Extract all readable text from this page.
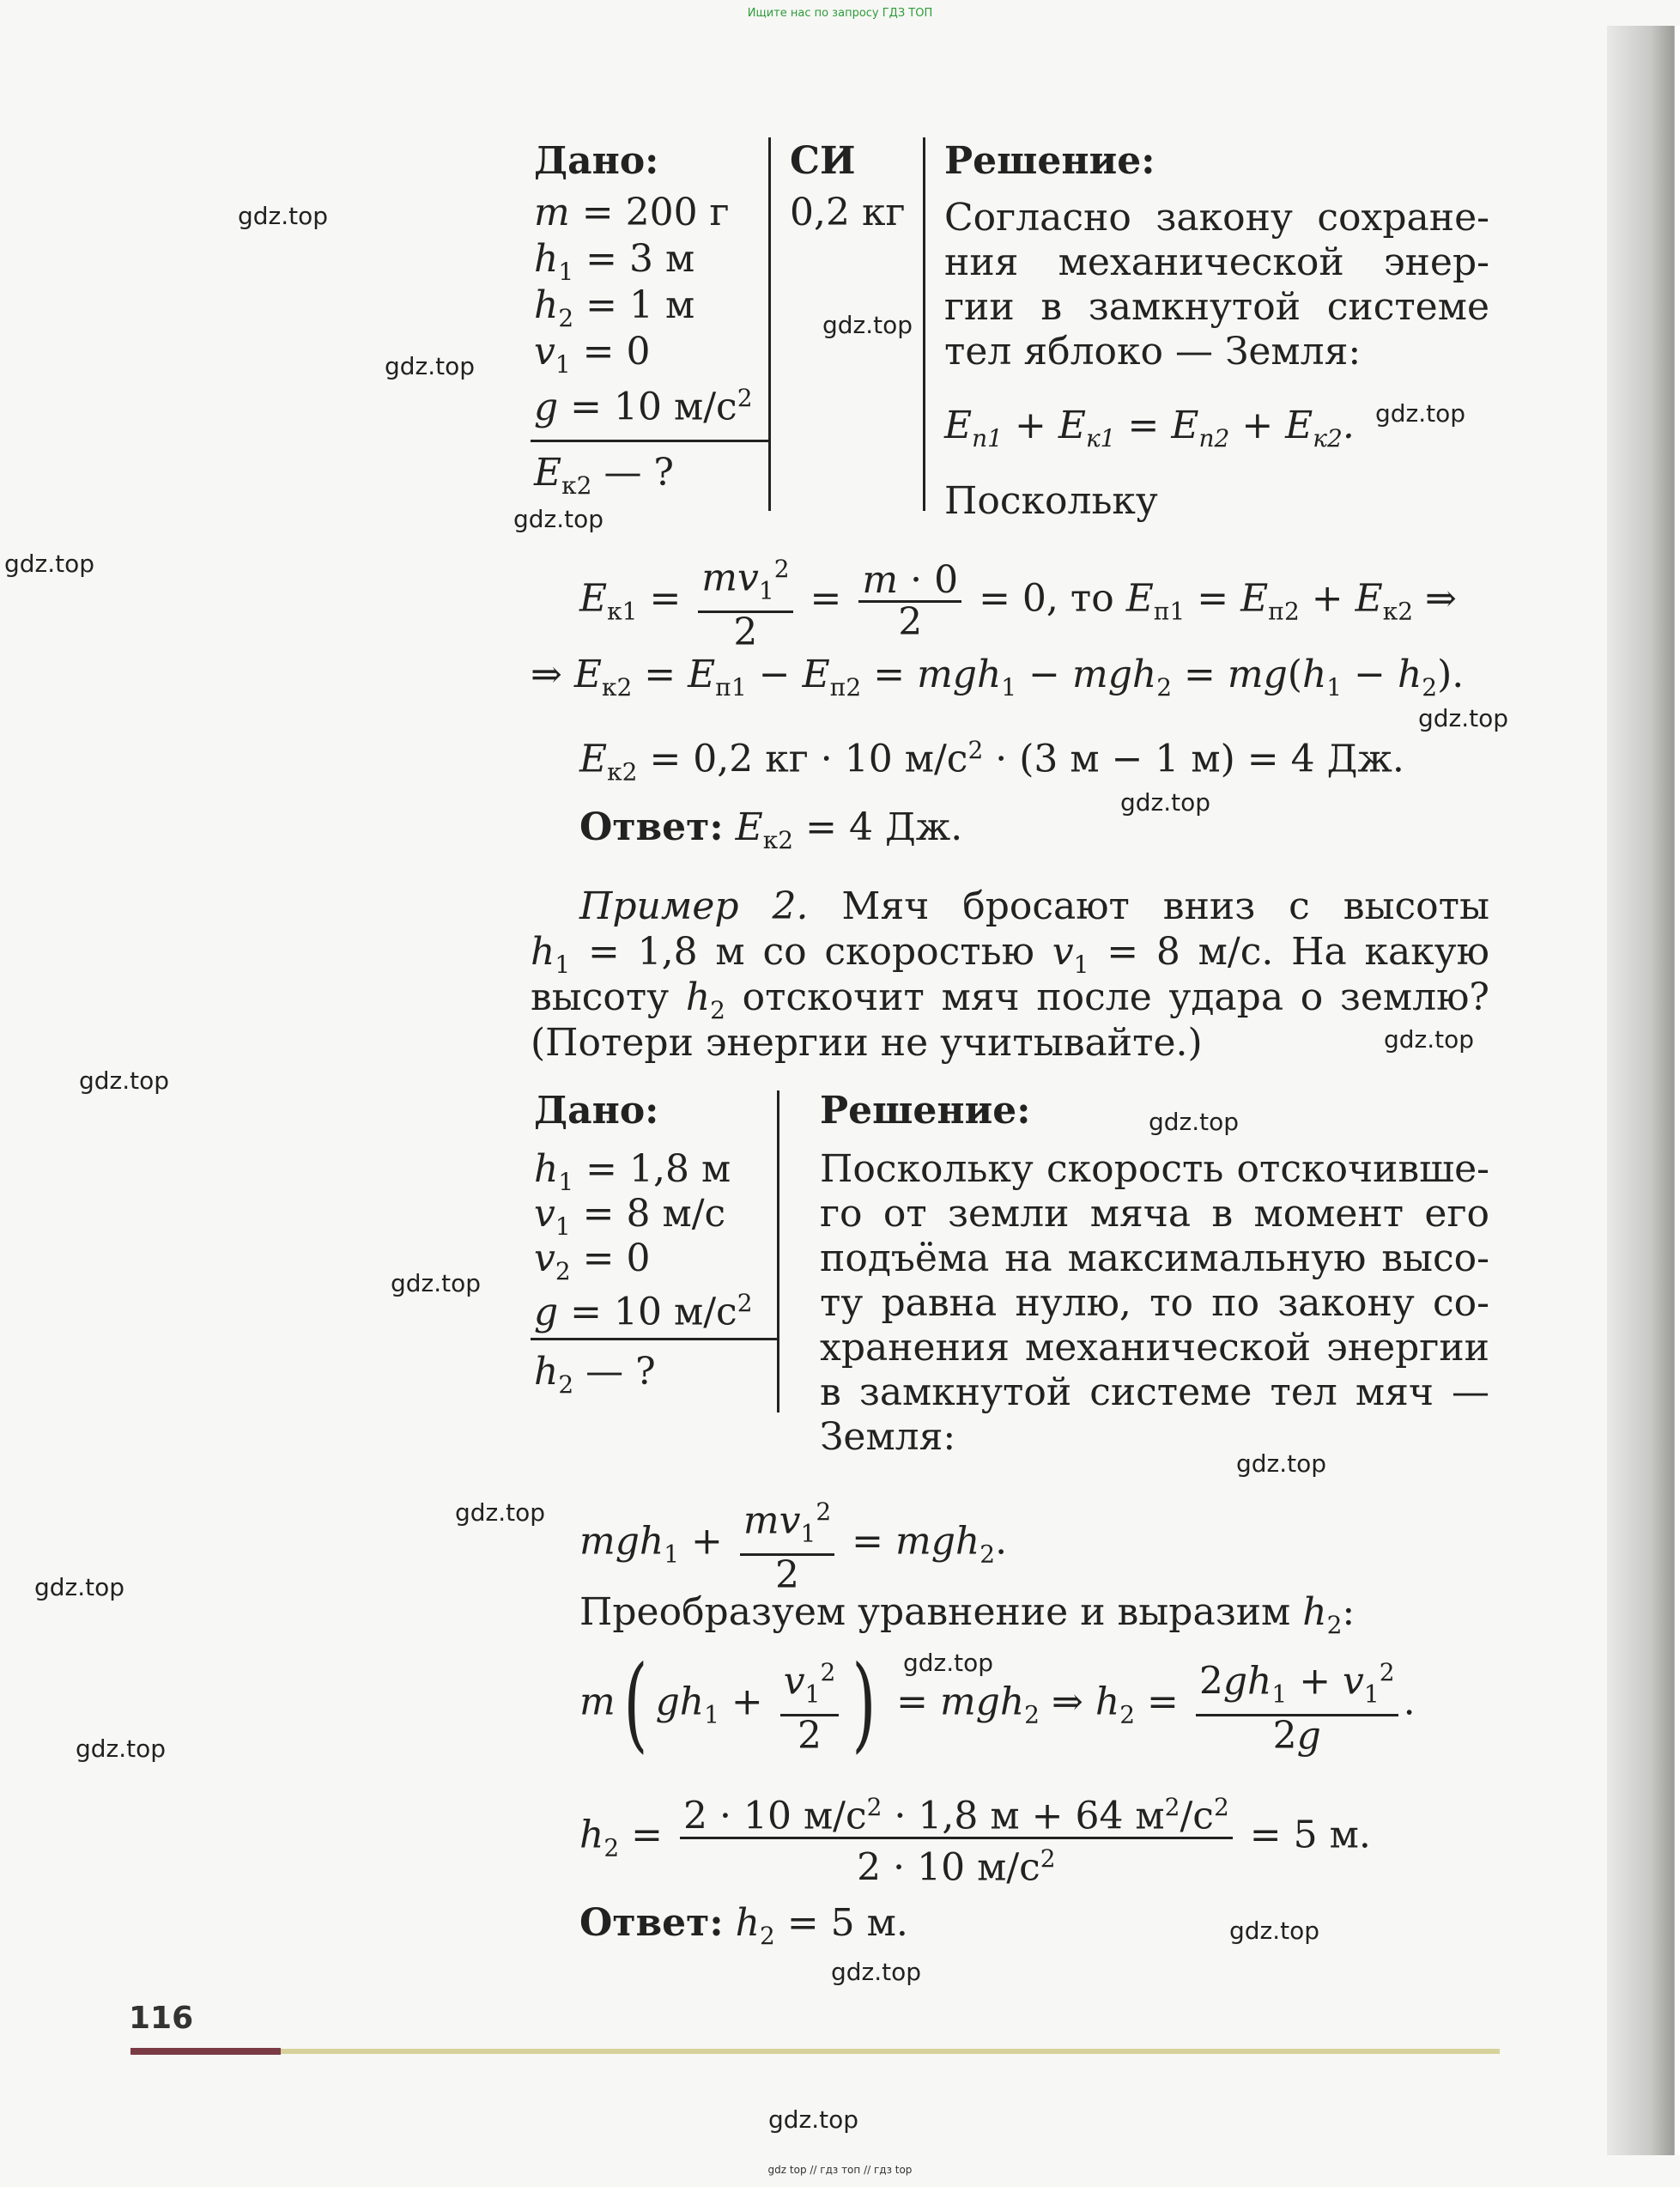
Ищите нас по запросу ГДЗ ТОП
Дано:	СИ Решение:
m = 200 г
$h_1 = 3$ м
$h_2 = 1$ м
$v_1 = 0$
g = 10 $м/с^2$
$E_{к2}$ — ?
0,2 кг Согласно закону сохране-
ния механической энер-
гии в замкнутой системе
тел яблоко — Земля:
$E_{п1} + E_{к1} = E_{п2} + E_{к2}$.
Поскольку
$E_{к1} = \frac{mv_1^2}{2} = \frac{m \cdot 0}{2} = 0$, то $E_{п1} = E_{п2} + E_{к2}$ ⇒
⇒ $E_{к2} = E_{п1} - E_{п2} = mgh_1 - mgh_2 = mg(h_1 - h_2)$.
$E_{к2} = 0,2$ кг · 10 $м/с^2 \cdot (3$ м − 1 м) = 4 Дж.
Ответ: $E_{к2} = 4$ Дж.
Пример 2. Мяч бросают вниз с высоты
$h_1 = 1,8$ м со скоростью $v_1 = 8$ м/с. На какую
высоту $h_2$ отскочит мяч после удара о землю?
(Потери энергии не учитывайте.)
Дано:	Решение:
$h_1 = 1,8$ м
$v_1 = 8$ м/с
$v_2 = 0$
g = 10 $м/с^2$
$h_2$ — ?
Поскольку скорость отскочивше-
го от земли мяча в момент его
подъёма на максимальную высо-
ту равна нулю, то по закону со-
хранения механической энергии
в замкнутой системе тел мяч —
Земля:
$mgh_1 + \frac{mv_1^2}{2} = mgh_2$.
Преобразуем уравнение и выразим $h_2$:
m( $gh_1 + \frac{v_1^2}{2}$ ) = mgh$_2$ ⇒ $h_2 = \frac{2gh_1 + v_1^2}{2g}$ .
$h_2 = \frac{2 \cdot 10 м/с^2 \cdot 1,8 м + 64 м^2/с^2}{2 \cdot 10 м/с^2} = 5$ м.
Ответ: $h_2 = 5$ м.
116
gdz.top
gdz.top
gdz.top
gdz.top
gdz.top
gdz.top
gdz.top
gdz.top
gdz.top
gdz.top
gdz.top
gdz.top
gdz.top
gdz.top
gdz.top
gdz.top
gdz.top
gdz.top
gdz.top
gdz.top
gdz top // гдз топ // гдз top
